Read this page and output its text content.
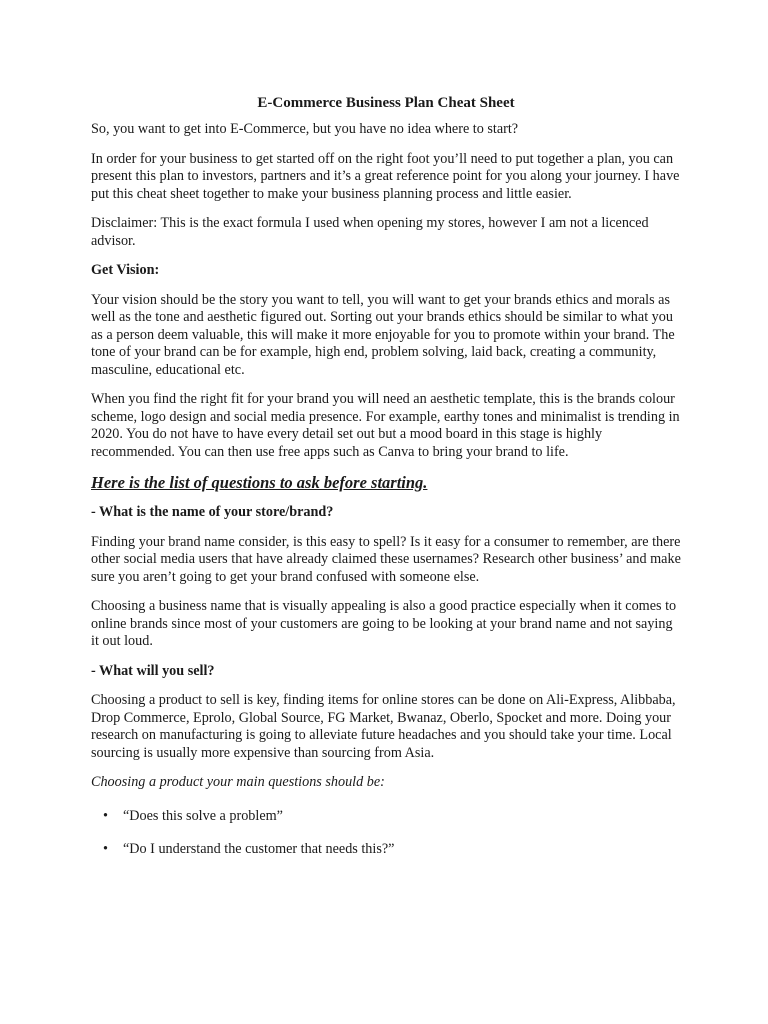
E-Commerce Business Plan Cheat Sheet

So, you want to get into E-Commerce, but you have no idea where to start?

In order for your business to get started off on the right foot you’ll need to put together a plan, you can present this plan to investors, partners and it’s a great reference point for you along your journey. I have put this cheat sheet together to make your business planning process and little easier.

Disclaimer: This is the exact formula I used when opening my stores, however I am not a licenced advisor.

Get Vision:

Your vision should be the story you want to tell, you will want to get your brands ethics and morals as well as the tone and aesthetic figured out. Sorting out your brands ethics should be similar to what you as a person deem valuable, this will make it more enjoyable for you to promote within your brand. The tone of your brand can be for example, high end, problem solving, laid back, creating a community, masculine, educational etc.

When you find the right fit for your brand you will need an aesthetic template, this is the brands colour scheme, logo design and social media presence. For example, earthy tones and minimalist is trending in 2020. You do not have to have every detail set out but a mood board in this stage is highly recommended. You can then use free apps such as Canva to bring your brand to life.

Here is the list of questions to ask before starting.
- What is the name of your store/brand?

Finding your brand name consider, is this easy to spell? Is it easy for a consumer to remember, are there other social media users that have already claimed these usernames? Research other business’ and make sure you aren’t going to get your brand confused with someone else.

Choosing a business name that is visually appealing is also a good practice especially when it comes to online brands since most of your customers are going to be looking at your brand name and not saying it out loud.

- What will you sell?

Choosing a product to sell is key, finding items for online stores can be done on Ali-Express, Alibbaba, Drop Commerce, Eprolo, Global Source, FG Market, Bwanaz, Oberlo, Spocket and more. Doing your research on manufacturing is going to alleviate future headaches and you should take your time. Local sourcing is usually more expensive than sourcing from Asia.

Choosing a product your main questions should be:

• “Does this solve a problem”
• “Do I understand the customer that needs this?”
